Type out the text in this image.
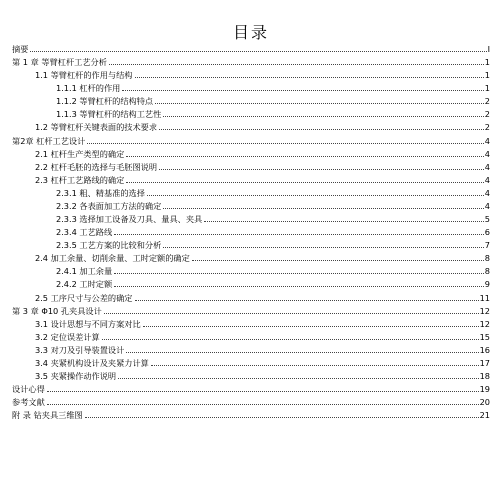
目录
摘要	I
第 1 章 等臂杠杆工艺分析	1
1.1 等臂杠杆的作用与结构	1
1.1.1 杠杆的作用	1
1.1.2 等臂杠杆的结构特点	2
1.1.3 等臂杠杆的结构工艺性	2
1.2 等臂杠杆关键表面的技术要求	2
第2章 杠杆工艺设计	4
2.1 杠杆生产类型的确定	4
2.2 杠杆毛胚的选择与毛胚图说明	4
2.3 杠杆工艺路线的确定	4
2.3.1 粗、精基准的选择	4
2.3.2 各表面加工方法的确定	4
2.3.3 选择加工设备及刀具、量具、夹具	5
2.3.4 工艺路线	6
2.3.5 工艺方案的比较和分析	7
2.4 加工余量、切削余量、工时定额的确定	8
2.4.1 加工余量	8
2.4.2 工时定额	9
2.5 工序尺寸与公差的确定	11
第 3 章 Φ10 孔夹具设计	12
3.1 设计思想与不同方案对比	12
3.2 定位误差计算	15
3.3 对刀及引导装置设计	16
3.4 夹紧机构设计及夹紧力计算	17
3.5 夹紧操作动作说明	18
设计心得	19
参考文献	20
附 录 钻夹具三维图	21
